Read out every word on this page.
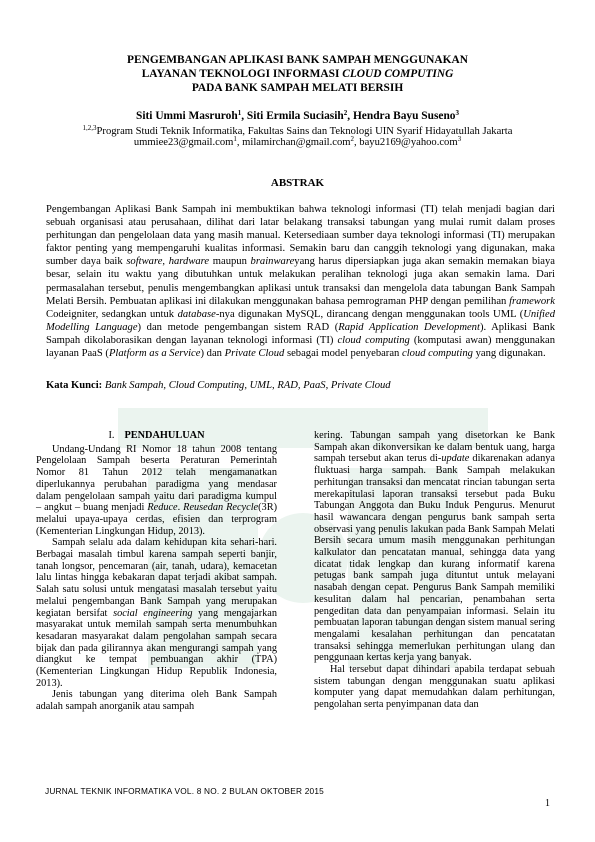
PENGEMBANGAN APLIKASI BANK SAMPAH MENGGUNAKAN
LAYANAN TEKNOLOGI INFORMASI CLOUD COMPUTING
PADA BANK SAMPAH MELATI BERSIH
Siti Ummi Masruroh$^1$, Siti Ermila Suciasih$^2$, Hendra Bayu Suseno$^3$
$^{1,2,3}$Program Studi Teknik Informatika, Fakultas Sains dan Teknologi UIN Syarif Hidayatullah Jakarta
ummiee23@gmail.com$^1$, milamirchan@gmail.com$^2$, bayu2169@yahoo.com$^3$
ABSTRAK

Pengembangan Aplikasi Bank Sampah ini membuktikan bahwa teknologi informasi (TI) telah menjadi bagian dari sebuah organisasi atau perusahaan, dilihat dari latar belakang transaksi tabungan yang mulai rumit dalam proses perhitungan dan pengelolaan data yang masih manual. Ketersediaan sumber daya teknologi informasi (TI) merupakan faktor penting yang mempengaruhi kualitas informasi. Semakin baru dan canggih teknologi yang digunakan, maka sumber daya baik software, hardware maupun brainwareyang harus dipersiapkan juga akan semakin memakan biaya besar, selain itu waktu yang dibutuhkan untuk melakukan peralihan teknologi juga akan semakin lama. Dari permasalahan tersebut, penulis mengembangkan aplikasi untuk transaksi dan mengelola data tabungan Bank Sampah Melati Bersih. Pembuatan aplikasi ini dilakukan menggunakan bahasa pemrograman PHP dengan pemilihan framework Codeigniter, sedangkan untuk database-nya digunakan MySQL, dirancang dengan menggunakan tools UML (Unified Modelling Language) dan metode pengembangan sistem RAD (Rapid Application Development). Aplikasi Bank Sampah dikolaborasikan dengan layanan teknologi informasi (TI) cloud computing (komputasi awan) menggunakan layanan PaaS (Platform as a Service) dan Private Cloud sebagai model penyebaran cloud computing yang digunakan.

Kata Kunci: Bank Sampah, Cloud Computing, UML, RAD, PaaS, Private Cloud

I. PENDAHULUAN

Undang-Undang RI Nomor 18 tahun 2008 tentang Pengelolaan Sampah beserta Peraturan Pemerintah Nomor 81 Tahun 2012 telah mengamanatkan diperlukannya perubahan paradigma yang mendasar dalam pengelolaan sampah yaitu dari paradigma kumpul – angkut – buang menjadi Reduce. Reusedan Recycle(3R) melalui upaya-upaya cerdas, efisien dan terprogram (Kementerian Lingkungan Hidup, 2013).

Sampah selalu ada dalam kehidupan kita sehari-hari. Berbagai masalah timbul karena sampah seperti banjir, tanah longsor, pencemaran (air, tanah, udara), kemacetan lalu lintas hingga kebakaran dapat terjadi akibat sampah. Salah satu solusi untuk mengatasi masalah tersebut yaitu melalui pengembangan Bank Sampah yang merupakan kegiatan bersifat social engineering yang mengajarkan masyarakat untuk memilah sampah serta menumbuhkan kesadaran masyarakat dalam pengolahan sampah secara bijak dan pada gilirannya akan mengurangi sampah yang diangkut ke tempat pembuangan akhir (TPA) (Kementerian Lingkungan Hidup Republik Indonesia, 2013).

Jenis tabungan yang diterima oleh Bank Sampah adalah sampah anorganik atau sampah

kering. Tabungan sampah yang disetorkan ke Bank Sampah akan dikonversikan ke dalam bentuk uang, harga sampah tersebut akan terus di-update dikarenakan adanya fluktuasi harga sampah. Bank Sampah melakukan perhitungan transaksi dan mencatat rincian tabungan serta merekapitulasi laporan transaksi tersebut pada Buku Tabungan Anggota dan Buku Induk Pengurus. Menurut hasil wawancara dengan pengurus bank sampah serta observasi yang penulis lakukan pada Bank Sampah Melati Bersih secara umum masih menggunakan perhitungan kalkulator dan pencatatan manual, sehingga data yang dicatat tidak lengkap dan kurang informatif karena petugas bank sampah juga dituntut untuk melayani nasabah dengan cepat. Pengurus Bank Sampah memiliki kesulitan dalam hal pencarian, penambahan serta pengeditan data dan penyampaian informasi. Selain itu pembuatan laporan tabungan dengan sistem manual sering mengalami kesalahan perhitungan dan pencatatan transaksi sehingga memerlukan perhitungan ulang dan penggunaan kertas kerja yang banyak.

Hal tersebut dapat dihindari apabila terdapat sebuah sistem tabungan dengan menggunakan suatu aplikasi komputer yang dapat memudahkan dalam perhitungan, pengolahan serta penyimpanan data dan

JURNAL TEKNIK INFORMATIKA VOL. 8 NO. 2 BULAN OKTOBER 2015
1
